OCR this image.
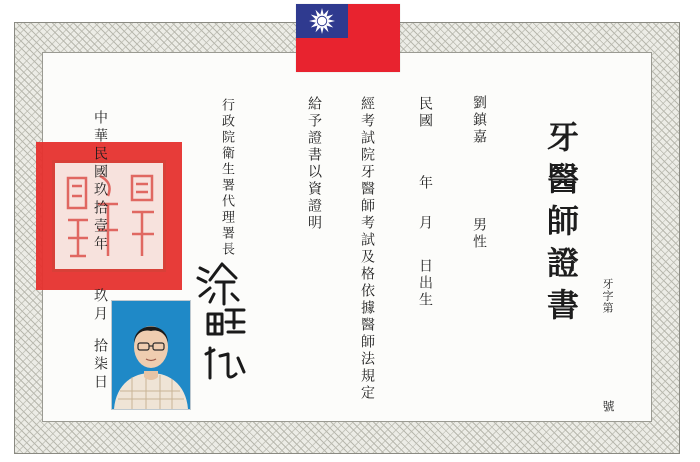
牙醫師證書 牙字第
號
劉鎮嘉
男性
民國
年
月
日出生
經考試院牙醫師考試及格依據醫師法規定
給予證書以資證明
行政院衛生署代理署長
中華民國玖拾壹年
玖月
拾柒日
